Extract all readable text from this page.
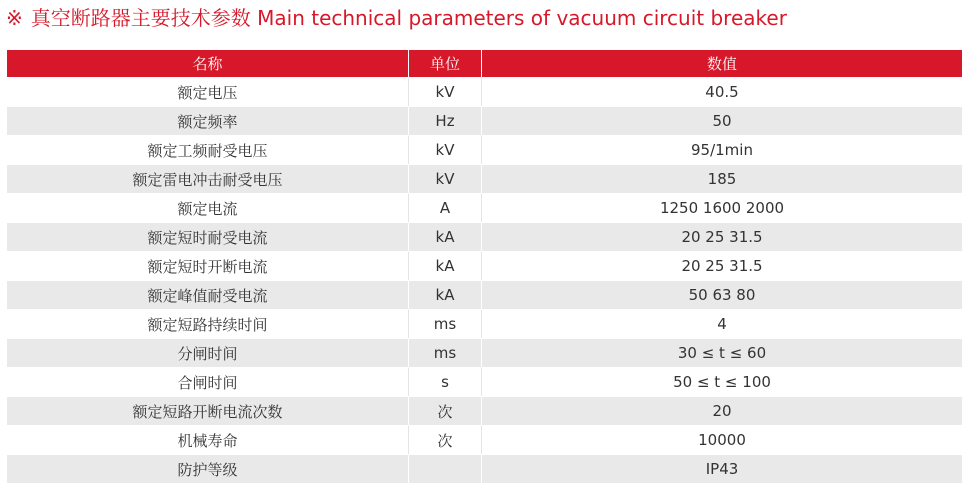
※ 真空断路器主要技术参数 Main technical parameters of vacuum circuit breaker
名称	单位	数值
额定电压	kV	40.5
额定频率	Hz	50
额定工频耐受电压	kV	95/1min
额定雷电冲击耐受电压	kV	185
额定电流	A	1250 1600 2000
额定短时耐受电流	kA	20 25 31.5
额定短时开断电流	kA	20 25 31.5
额定峰值耐受电流	kA	50 63 80
额定短路持续时间	ms	4
分闸时间	ms	30 ≤ t ≤ 60
合闸时间	s	50 ≤ t ≤ 100
额定短路开断电流次数	次	20
机械寿命	次	10000
防护等级		IP43
